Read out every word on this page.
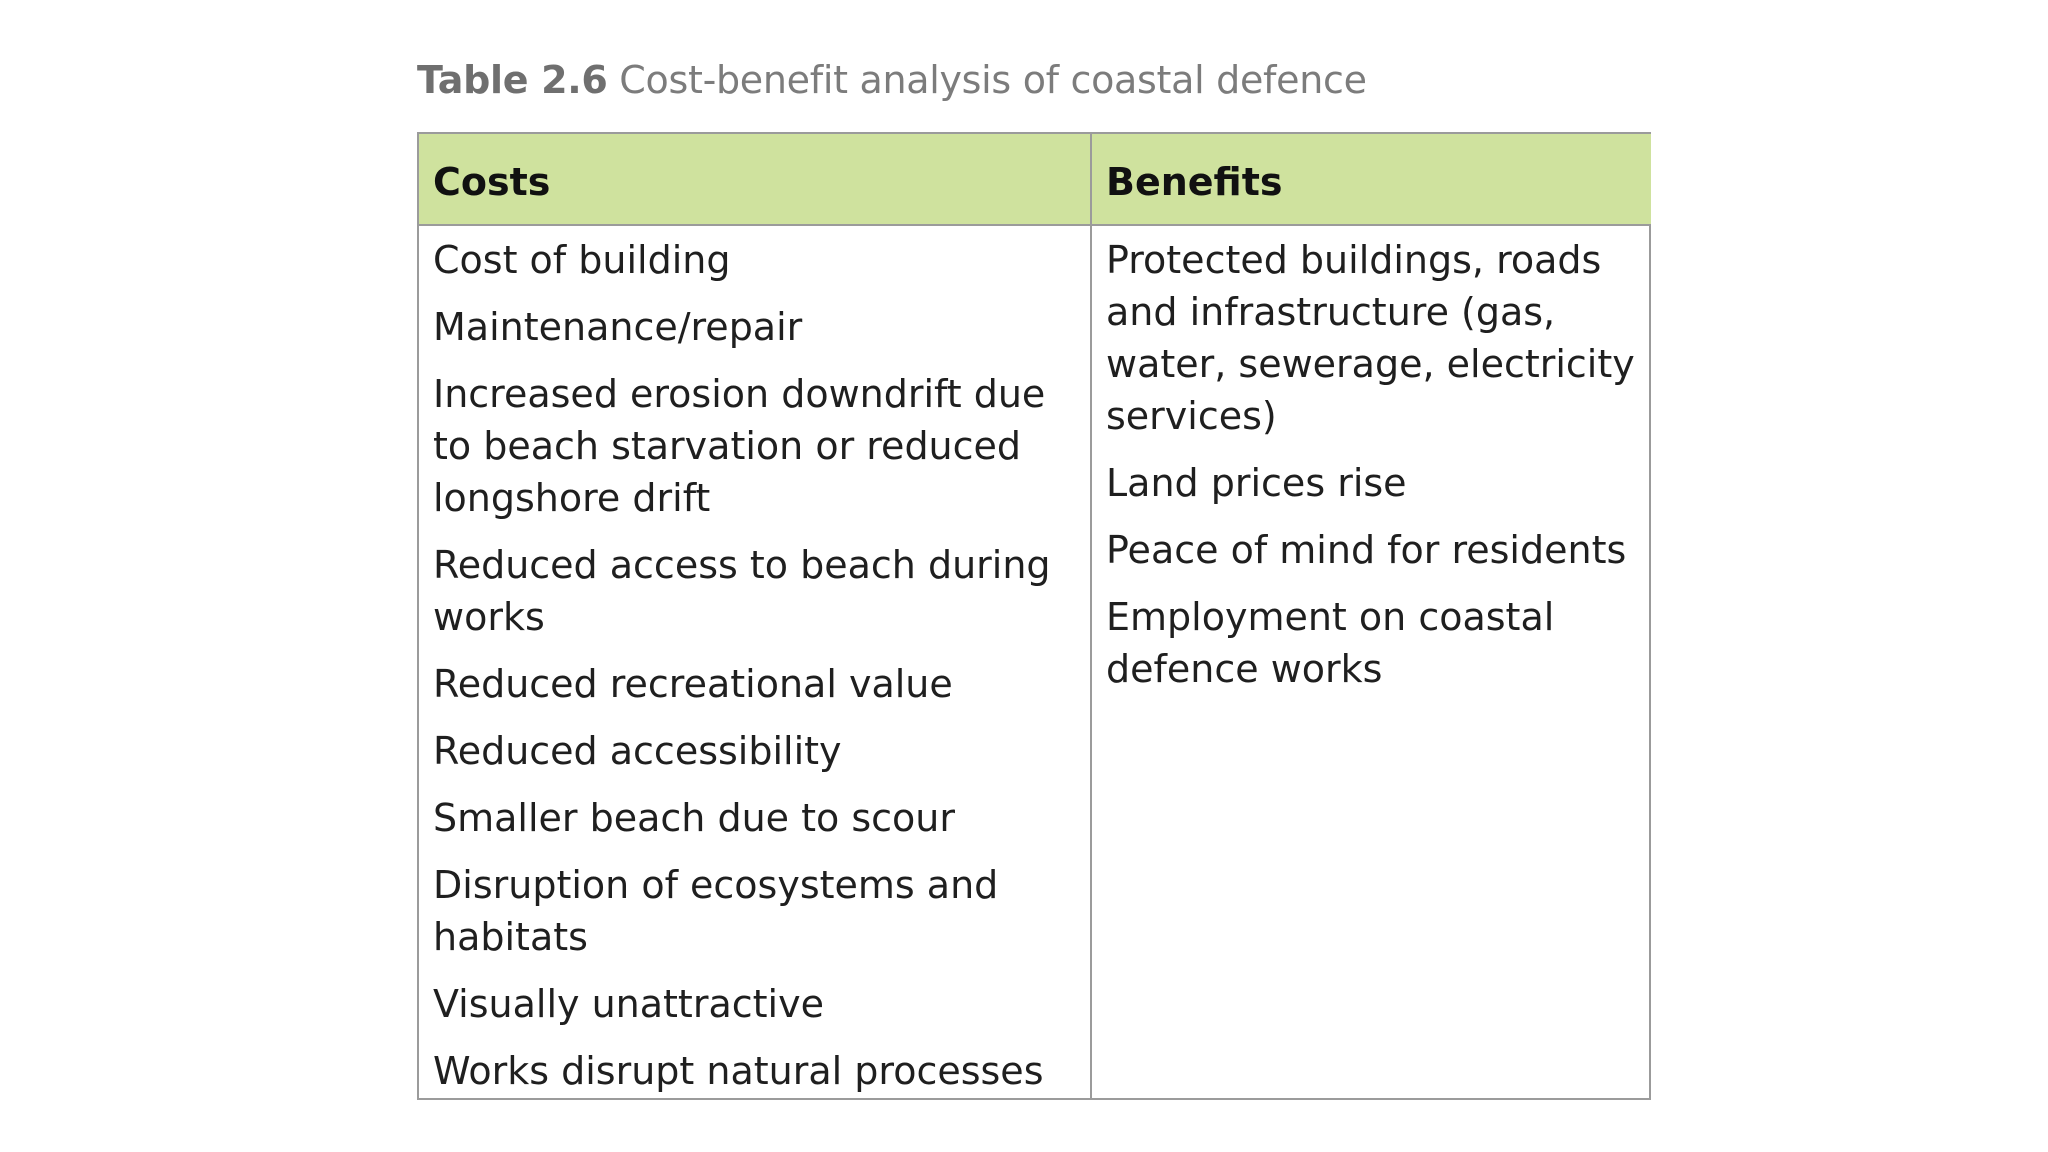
Table 2.6 Cost-benefit analysis of coastal defence
Costs	Benefits
Cost of building
Maintenance/repair
Increased erosion downdrift due to beach starvation or reduced longshore drift
Reduced access to beach during works
Reduced recreational value
Reduced accessibility
Smaller beach due to scour
Disruption of ecosystems and habitats
Visually unattractive
Works disrupt natural processes
Protected buildings, roads and infrastructure (gas, water, sewerage, electricity services)
Land prices rise
Peace of mind for residents
Employment on coastal defence works
